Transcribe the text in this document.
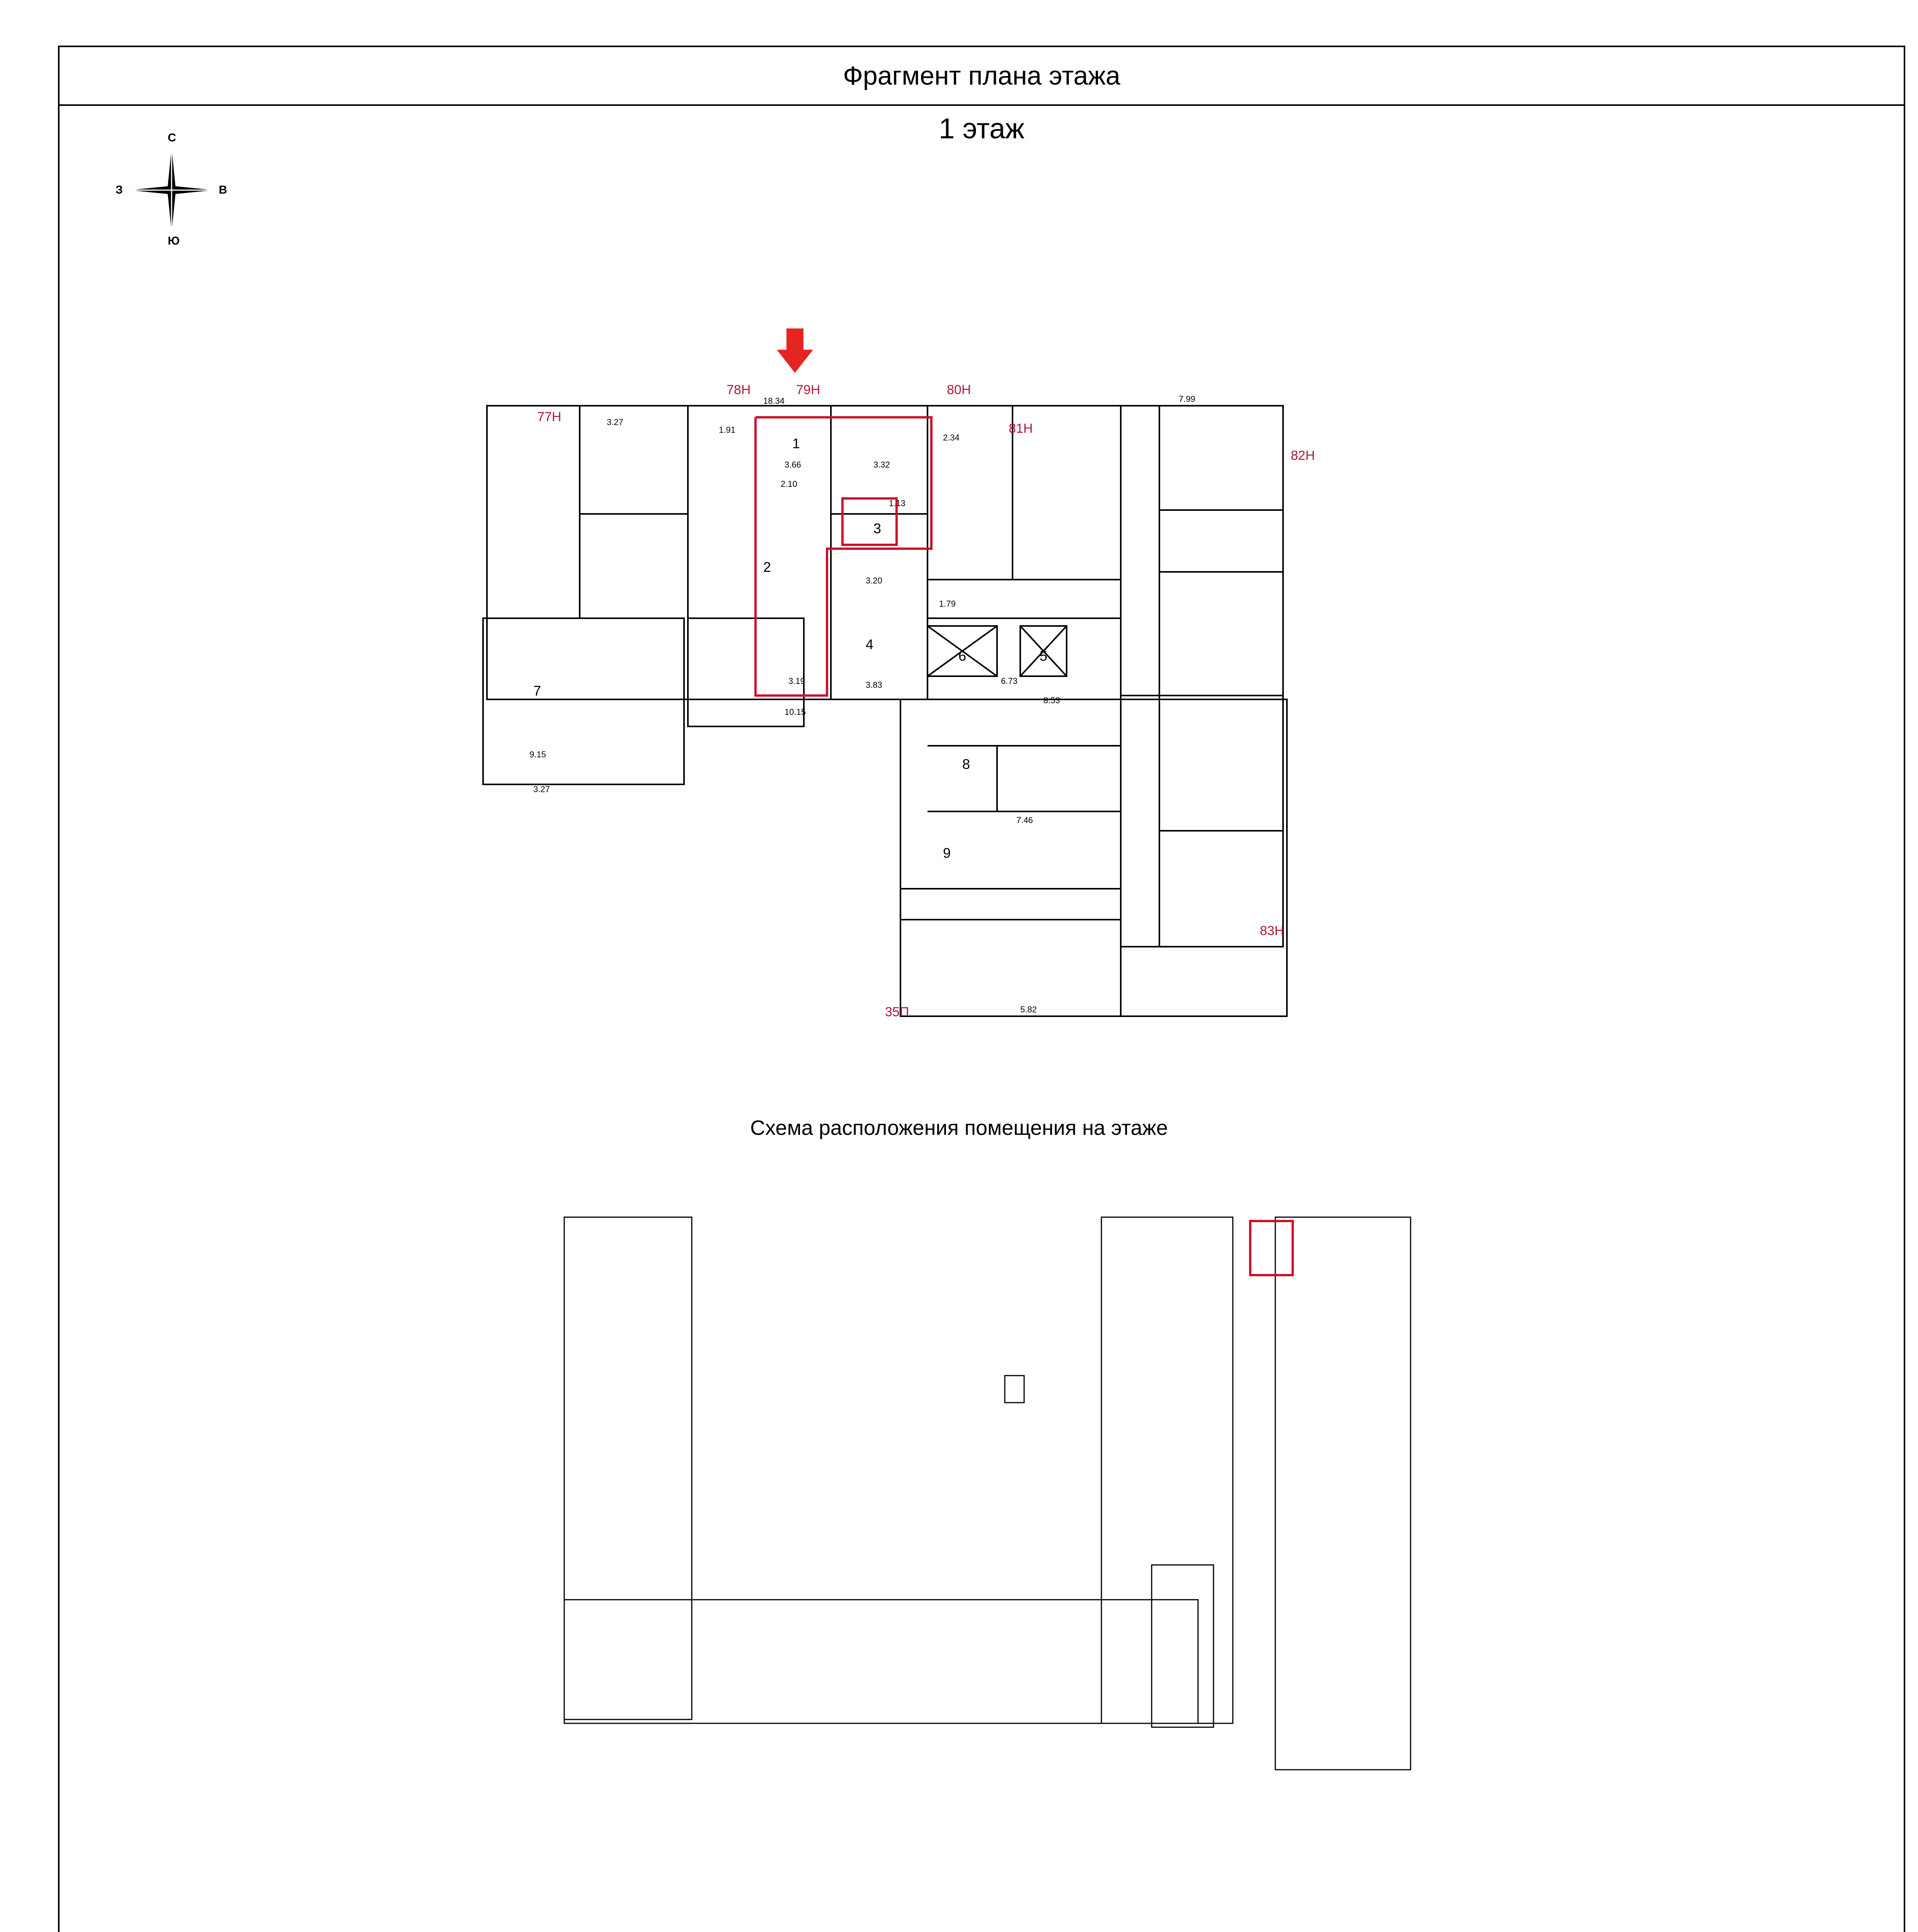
Фрагмент плана этажа
1 этаж
С
Ю
З	В
1
2
3
4
5
6
7
8
9
77Н
78Н	79Н	80Н
81Н
82Н
83Н
35П
18.34
1.91
3.66	3.32
2.34
7.99
3.27
2.10
1.13
3.20
1.79
3.19	3.83
10.15
6.73
8.53
7.46
5.82
9.15
3.27
Схема расположения помещения на этаже
